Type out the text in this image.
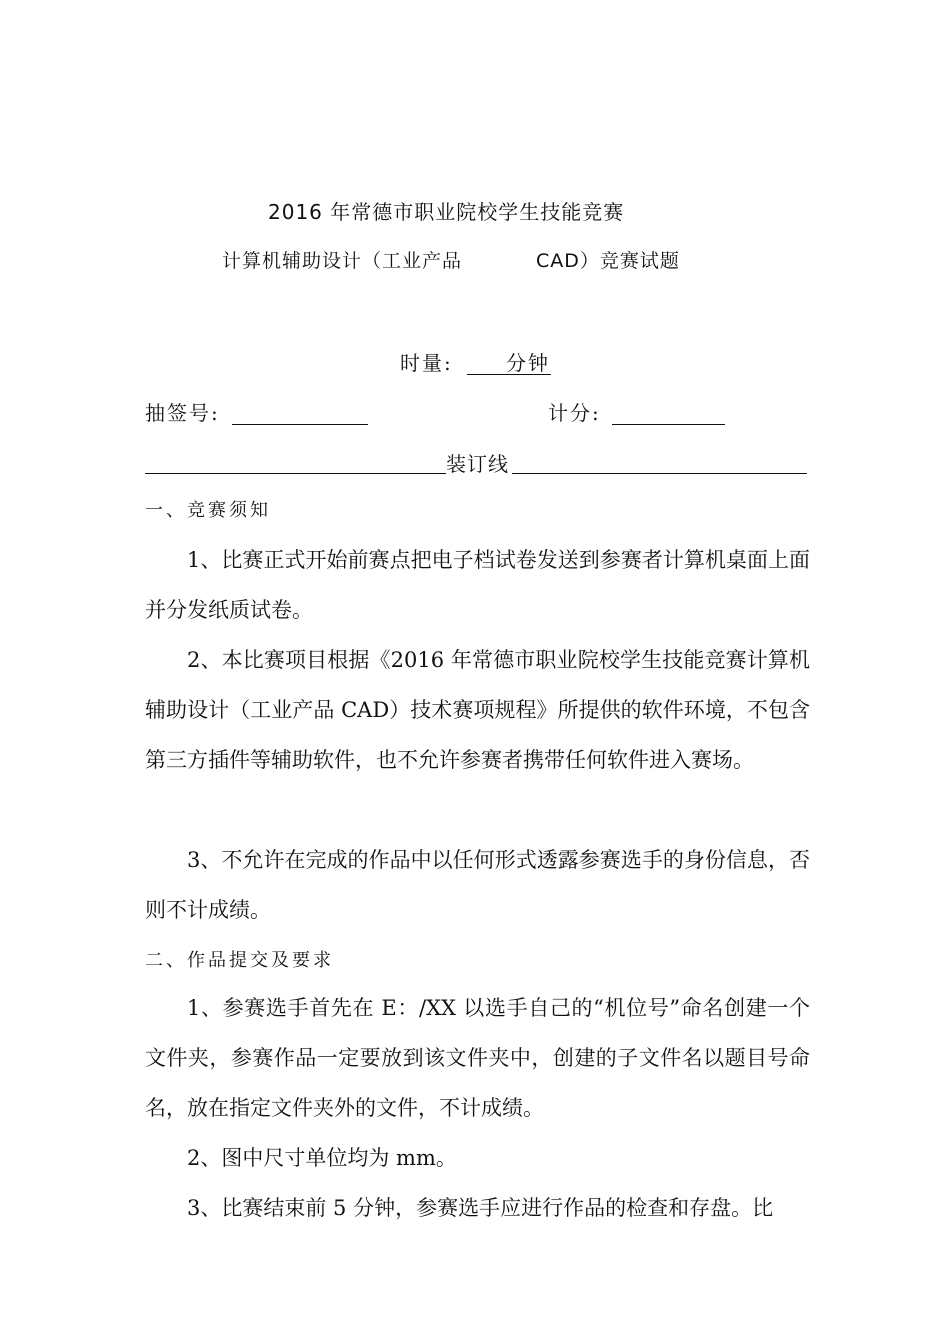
2016 年常德市职业院校学生技能竞赛
计算机辅助设计（工业产品	CAD）竞赛试题
时量:	分钟
抽签号:	计分:
装订线
一、竞赛须知

1、比赛正式开始前赛点把电子档试卷发送到参赛者计算机桌面上面并分发纸质试卷。

2、本比赛项目根据《2016 年常德市职业院校学生技能竞赛计算机辅助设计（工业产品 CAD）技术赛项规程》所提供的软件环境，不包含第三方插件等辅助软件，也不允许参赛者携带任何软件进入赛场。

3、不允许在完成的作品中以任何形式透露参赛选手的身份信息，否则不计成绩。

二、作品提交及要求

1、参赛选手首先在 E：/XX 以选手自己的“机位号”命名创建一个文件夹，参赛作品一定要放到该文件夹中，创建的子文件名以题目号命名，放在指定文件夹外的文件，不计成绩。

2、图中尺寸单位均为 mm。

3、比赛结束前 5 分钟，参赛选手应进行作品的检查和存盘。比
